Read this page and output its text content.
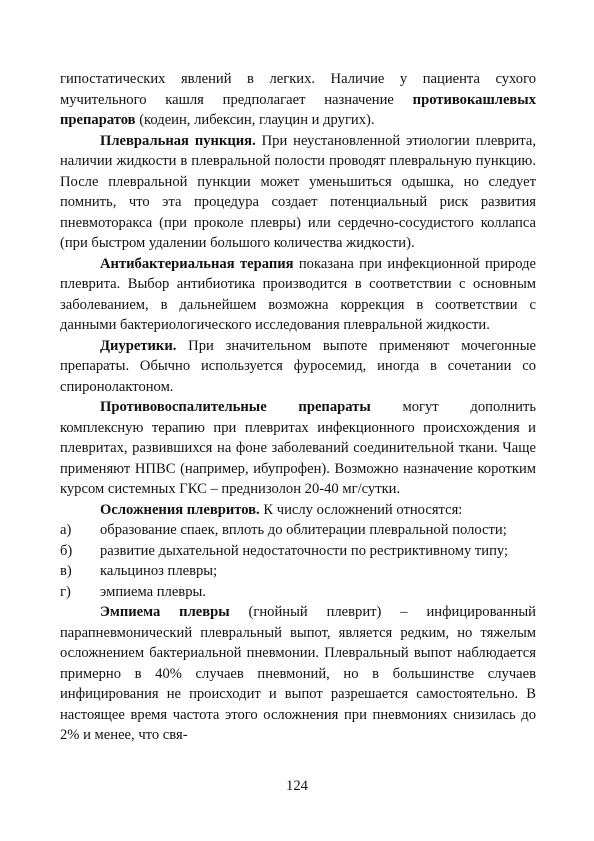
гипостатических явлений в легких. Наличие у пациента сухого мучительного кашля предполагает назначение противокашлевых препаратов (кодеин, либексин, глауцин и других).

Плевральная пункция. При неустановленной этиологии плеврита, наличии жидкости в плевральной полости проводят плевральную пункцию. После плевральной пункции может уменьшиться одышка, но следует помнить, что эта процедура создает потенциальный риск развития пневмоторакса (при проколе плевры) или сердечно-сосудистого коллапса (при быстром удалении большого количества жидкости).

Антибактериальная терапия показана при инфекционной природе плеврита. Выбор антибиотика производится в соответствии с основным заболеванием, в дальнейшем возможна коррекция в соответствии с данными бактериологического исследования плевральной жидкости.

Диуретики. При значительном выпоте применяют мочегонные препараты. Обычно используется фуросемид, иногда в сочетании со спиронолактоном.

Противовоспалительные препараты могут дополнить комплексную терапию при плевритах инфекционного происхождения и плевритах, развившихся на фоне заболеваний соединительной ткани. Чаще применяют НПВС (например, ибупрофен). Возможно назначение коротким курсом системных ГКС – преднизолон 20-40 мг/сутки.

Осложнения плевритов. К числу осложнений относятся:

а) образование спаек, вплоть до облитерации плевральной полости;
б) развитие дыхательной недостаточности по рестриктивному типу;
в) кальциноз плевры;
г) эмпиема плевры.

Эмпиема плевры (гнойный плеврит) – инфицированный парапневмонический плевральный выпот, является редким, но тяжелым осложнением бактериальной пневмонии. Плевральный выпот наблюдается примерно в 40% случаев пневмоний, но в большинстве случаев инфицирования не происходит и выпот разрешается самостоятельно. В настоящее время частота этого осложнения при пневмониях снизилась до 2% и менее, что свя-

124
